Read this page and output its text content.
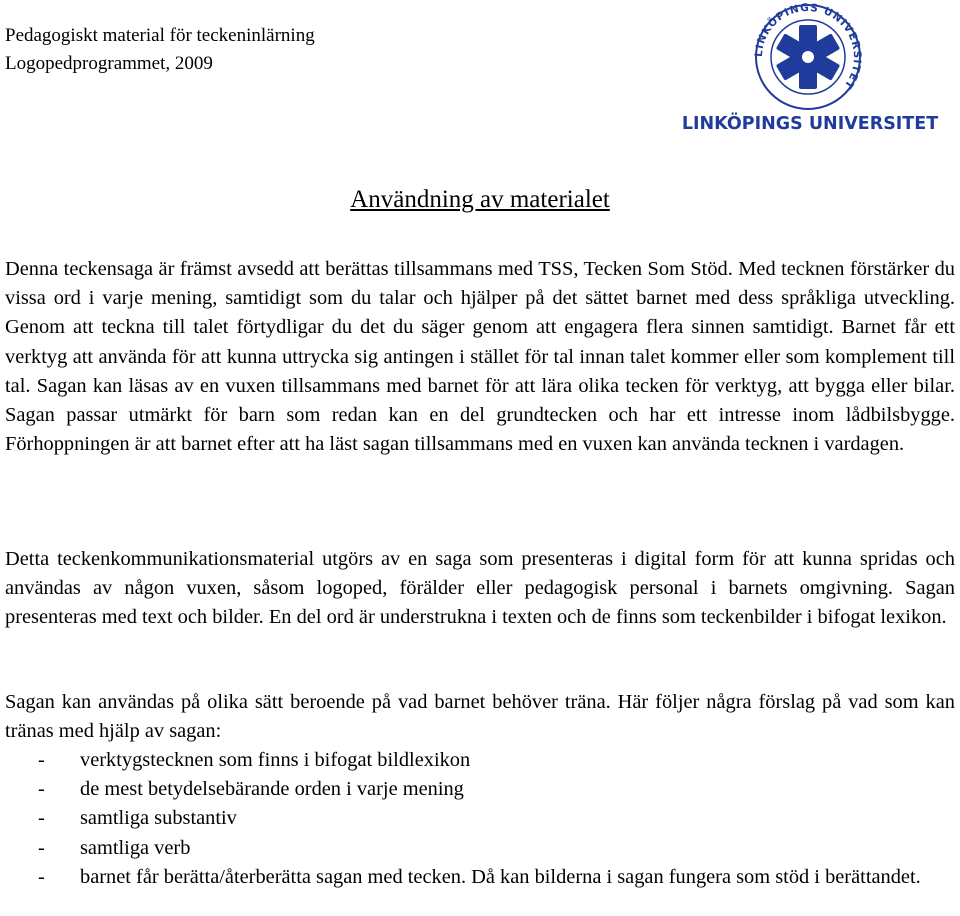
Pedagogiskt material för teckeninlärning
Logopedprogrammet, 2009
LINKÖPINGS UNIVERSITET
LINKÖPINGS UNIVERSITET
Användning av materialet

Denna teckensaga är främst avsedd att berättas tillsammans med TSS, Tecken Som Stöd. Med tecknen förstärker du vissa ord i varje mening, samtidigt som du talar och hjälper på det sättet barnet med dess språkliga utveckling. Genom att teckna till talet förtydligar du det du säger genom att engagera flera sinnen samtidigt. Barnet får ett verktyg att använda för att kunna uttrycka sig antingen i stället för tal innan talet kommer eller som komplement till tal. Sagan kan läsas av en vuxen tillsammans med barnet för att lära olika tecken för verktyg, att bygga eller bilar. Sagan passar utmärkt för barn som redan kan en del grundtecken och har ett intresse inom lådbilsbygge. Förhoppningen är att barnet efter att ha läst sagan tillsammans med en vuxen kan använda tecknen i vardagen.

Detta teckenkommunikationsmaterial utgörs av en saga som presenteras i digital form för att kunna spridas och användas av någon vuxen, såsom logoped, förälder eller pedagogisk personal i barnets omgivning. Sagan presenteras med text och bilder. En del ord är understrukna i texten och de finns som teckenbilder i bifogat lexikon.

Sagan kan användas på olika sätt beroende på vad barnet behöver träna. Här följer några förslag på vad som kan tränas med hjälp av sagan:

-	verktygstecknen som finns i bifogat bildlexikon
-	de mest betydelsebärande orden i varje mening
-	samtliga substantiv
-	samtliga verb
-	barnet får berätta/återberätta sagan med tecken. Då kan bilderna i sagan fungera som stöd i berättandet.
